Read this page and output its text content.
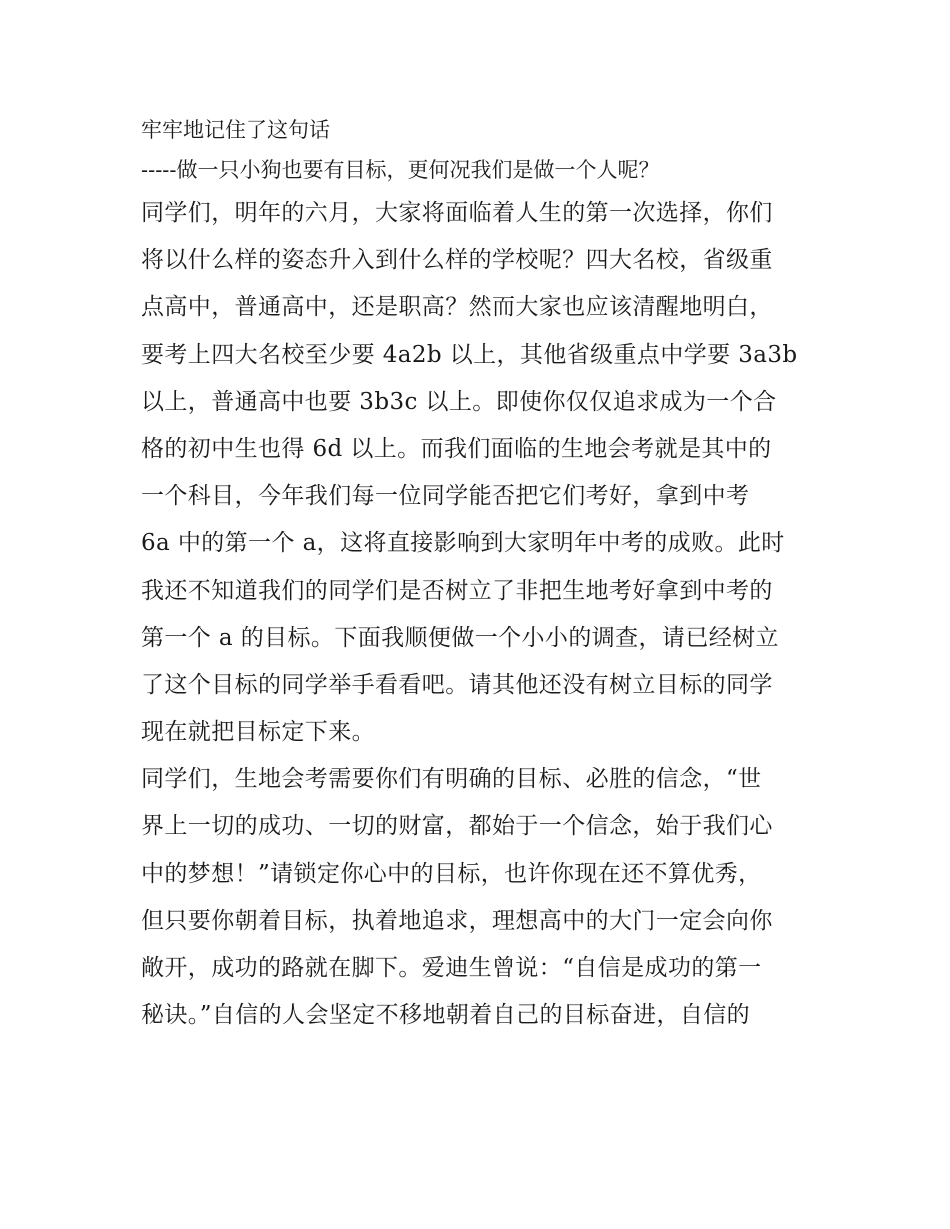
牢牢地记住了这句话
-----做一只小狗也要有目标，更何况我们是做一个人呢？

同学们，明年的六月，大家将面临着人生的第一次选择，你们
将以什么样的姿态升入到什么样的学校呢？四大名校，省级重
点高中，普通高中，还是职高？然而大家也应该清醒地明白，
要考上四大名校至少要 4a2b 以上，其他省级重点中学要 3a3b
以上，普通高中也要 3b3c 以上。即使你仅仅追求成为一个合
格的初中生也得 6d 以上。而我们面临的生地会考就是其中的
一个科目，今年我们每一位同学能否把它们考好，拿到中考
6a 中的第一个 a，这将直接影响到大家明年中考的成败。此时
我还不知道我们的同学们是否树立了非把生地考好拿到中考的
第一个 a 的目标。下面我顺便做一个小小的调查，请已经树立
了这个目标的同学举手看看吧。请其他还没有树立目标的同学
现在就把目标定下来。

同学们，生地会考需要你们有明确的目标、必胜的信念，“世
界上一切的成功、一切的财富，都始于一个信念，始于我们心
中的梦想！”请锁定你心中的目标，也许你现在还不算优秀，
但只要你朝着目标，执着地追求，理想高中的大门一定会向你
敞开，成功的路就在脚下。爱迪生曾说：“自信是成功的第一
秘诀。”自信的人会坚定不移地朝着自己的目标奋进，自信的
